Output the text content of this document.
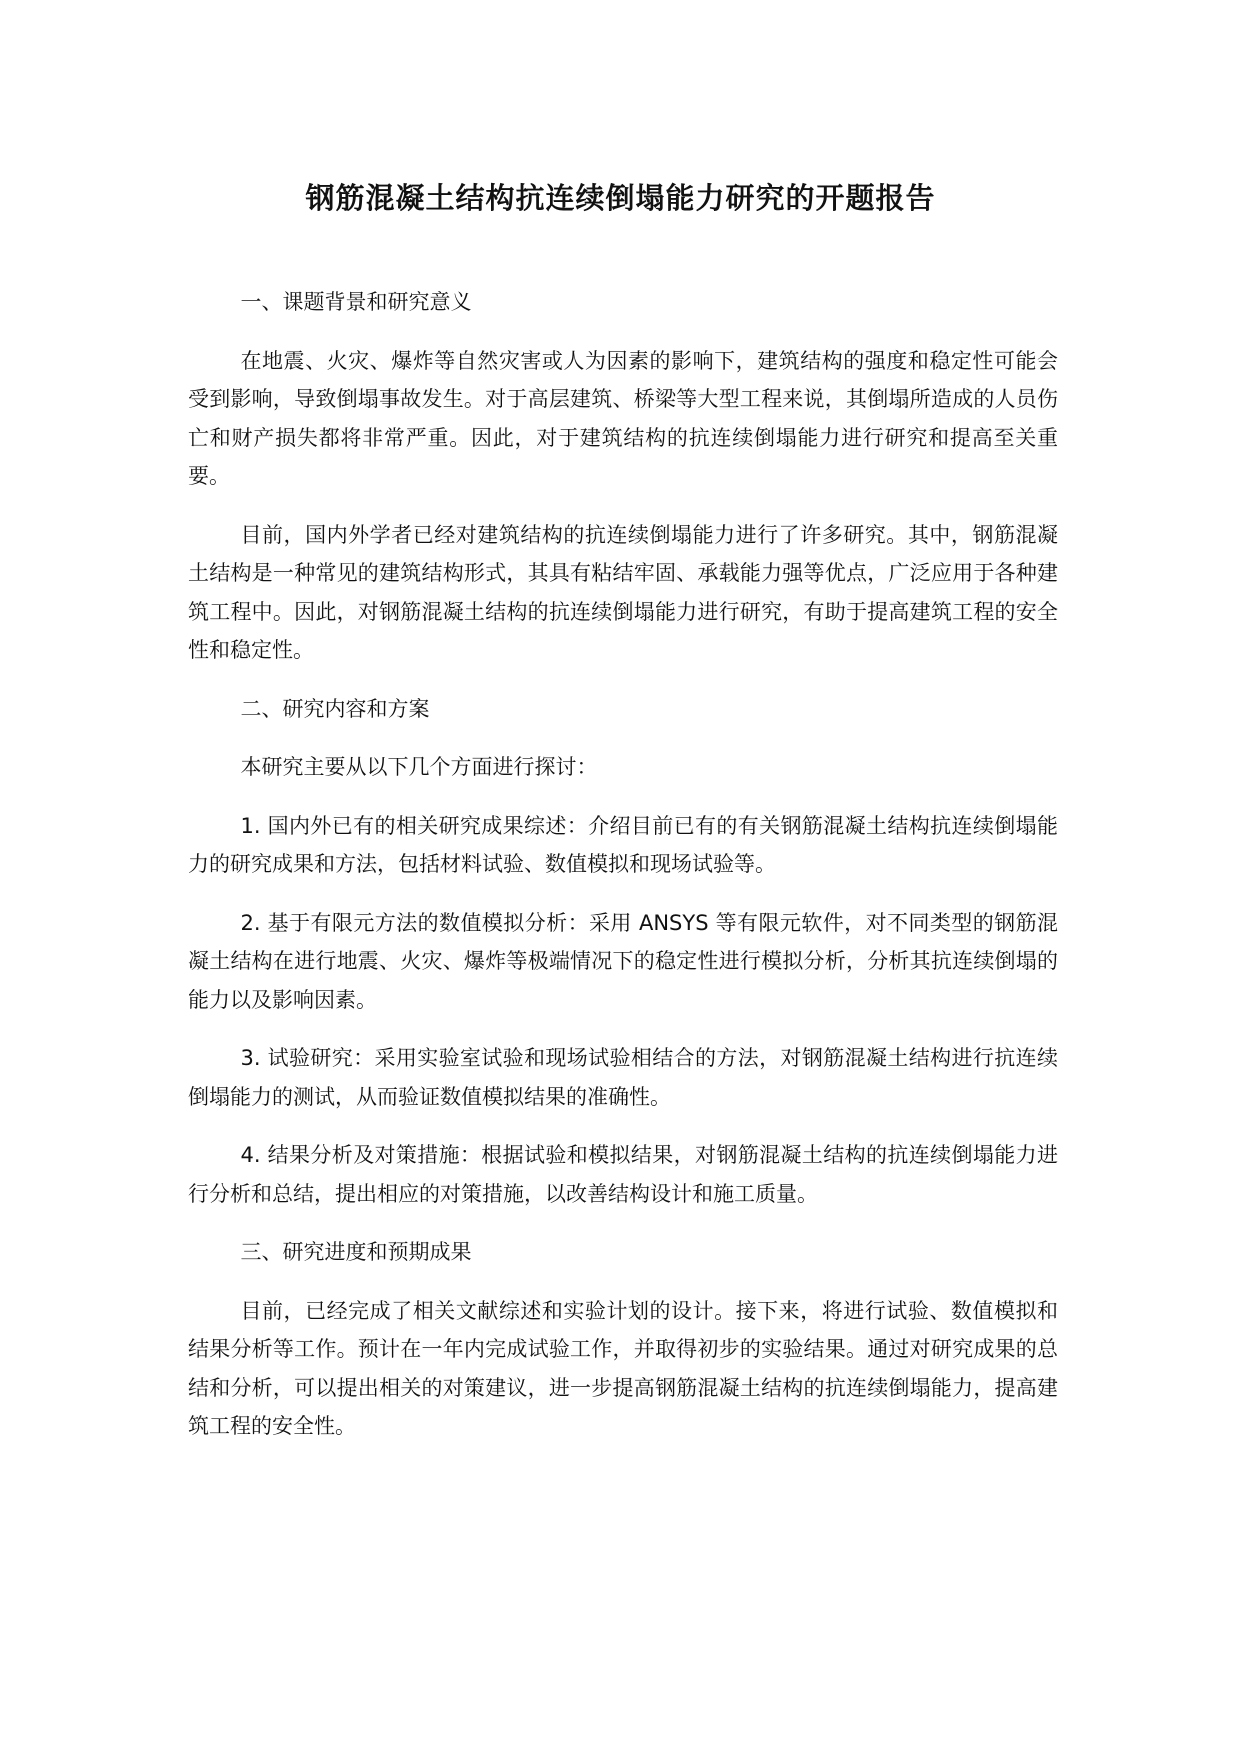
钢筋混凝土结构抗连续倒塌能力研究的开题报告

一、课题背景和研究意义

在地震、火灾、爆炸等自然灾害或人为因素的影响下，建筑结构的强度和稳定性可能会受到影响，导致倒塌事故发生。对于高层建筑、桥梁等大型工程来说，其倒塌所造成的人员伤亡和财产损失都将非常严重。因此，对于建筑结构的抗连续倒塌能力进行研究和提高至关重要。

目前，国内外学者已经对建筑结构的抗连续倒塌能力进行了许多研究。其中，钢筋混凝土结构是一种常见的建筑结构形式，其具有粘结牢固、承载能力强等优点，广泛应用于各种建筑工程中。因此，对钢筋混凝土结构的抗连续倒塌能力进行研究，有助于提高建筑工程的安全性和稳定性。

二、研究内容和方案

本研究主要从以下几个方面进行探讨：

1. 国内外已有的相关研究成果综述：介绍目前已有的有关钢筋混凝土结构抗连续倒塌能力的研究成果和方法，包括材料试验、数值模拟和现场试验等。

2. 基于有限元方法的数值模拟分析：采用 ANSYS 等有限元软件，对不同类型的钢筋混凝土结构在进行地震、火灾、爆炸等极端情况下的稳定性进行模拟分析，分析其抗连续倒塌的能力以及影响因素。

3. 试验研究：采用实验室试验和现场试验相结合的方法，对钢筋混凝土结构进行抗连续倒塌能力的测试，从而验证数值模拟结果的准确性。

4. 结果分析及对策措施：根据试验和模拟结果，对钢筋混凝土结构的抗连续倒塌能力进行分析和总结，提出相应的对策措施，以改善结构设计和施工质量。

三、研究进度和预期成果

目前，已经完成了相关文献综述和实验计划的设计。接下来，将进行试验、数值模拟和结果分析等工作。预计在一年内完成试验工作，并取得初步的实验结果。通过对研究成果的总结和分析，可以提出相关的对策建议，进一步提高钢筋混凝土结构的抗连续倒塌能力，提高建筑工程的安全性。
